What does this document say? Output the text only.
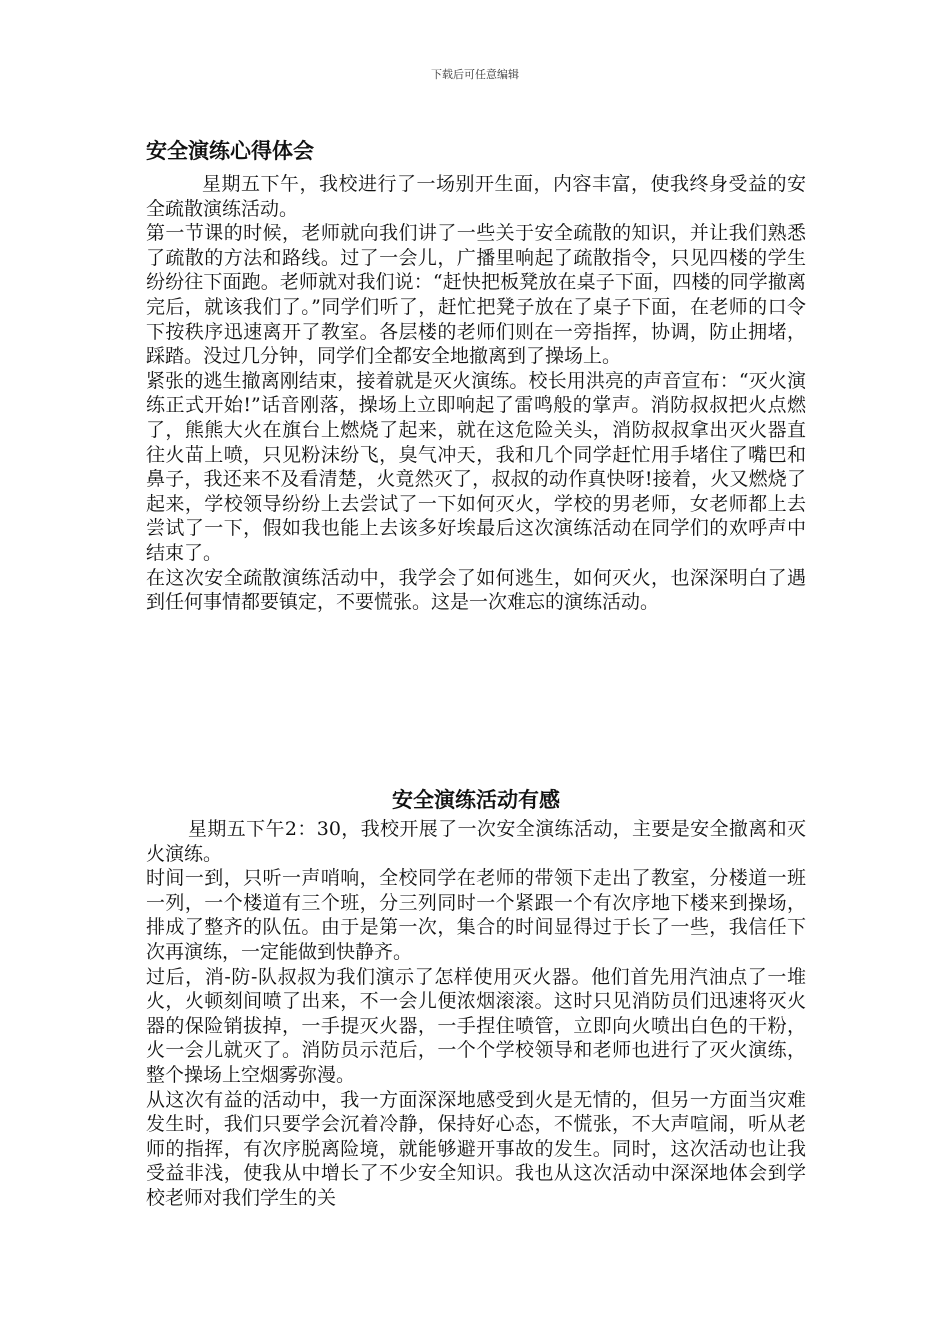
下载后可任意编辑
安全演练心得体会

星期五下午，我校进行了一场别开生面，内容丰富，使我终身受益的安全疏散演练活动。

第一节课的时候，老师就向我们讲了一些关于安全疏散的知识，并让我们熟悉了疏散的方法和路线。过了一会儿，广播里响起了疏散指令，只见四楼的学生纷纷往下面跑。老师就对我们说：“赶快把板凳放在桌子下面，四楼的同学撤离完后，就该我们了。”同学们听了，赶忙把凳子放在了桌子下面，在老师的口令下按秩序迅速离开了教室。各层楼的老师们则在一旁指挥，协调，防止拥堵，踩踏。没过几分钟，同学们全都安全地撤离到了操场上。

紧张的逃生撤离刚结束，接着就是灭火演练。校长用洪亮的声音宣布：“灭火演练正式开始!”话音刚落，操场上立即响起了雷鸣般的掌声。消防叔叔把火点燃了，熊熊大火在旗台上燃烧了起来，就在这危险关头，消防叔叔拿出灭火器直往火苗上喷，只见粉沫纷飞，臭气冲天，我和几个同学赶忙用手堵住了嘴巴和鼻子，我还来不及看清楚，火竟然灭了，叔叔的动作真快呀!接着，火又燃烧了起来，学校领导纷纷上去尝试了一下如何灭火，学校的男老师，女老师都上去尝试了一下，假如我也能上去该多好埃最后这次演练活动在同学们的欢呼声中结束了。

在这次安全疏散演练活动中，我学会了如何逃生，如何灭火，也深深明白了遇到任何事情都要镇定，不要慌张。这是一次难忘的演练活动。

安全演练活动有感

星期五下午2：30，我校开展了一次安全演练活动，主要是安全撤离和灭火演练。

时间一到，只听一声哨响，全校同学在老师的带领下走出了教室，分楼道一班一列，一个楼道有三个班，分三列同时一个紧跟一个有次序地下楼来到操场，排成了整齐的队伍。由于是第一次，集合的时间显得过于长了一些，我信任下次再演练，一定能做到快静齐。

过后，消-防-队叔叔为我们演示了怎样使用灭火器。他们首先用汽油点了一堆火，火顿刻间喷了出来，不一会儿便浓烟滚滚。这时只见消防员们迅速将灭火器的保险销拔掉，一手提灭火器，一手捏住喷管，立即向火喷出白色的干粉，火一会儿就灭了。消防员示范后，一个个学校领导和老师也进行了灭火演练，整个操场上空烟雾弥漫。

从这次有益的活动中，我一方面深深地感受到火是无情的，但另一方面当灾难发生时，我们只要学会沉着冷静，保持好心态，不慌张，不大声喧闹，听从老师的指挥，有次序脱离险境，就能够避开事故的发生。同时，这次活动也让我受益非浅，使我从中增长了不少安全知识。我也从这次活动中深深地体会到学校老师对我们学生的关
